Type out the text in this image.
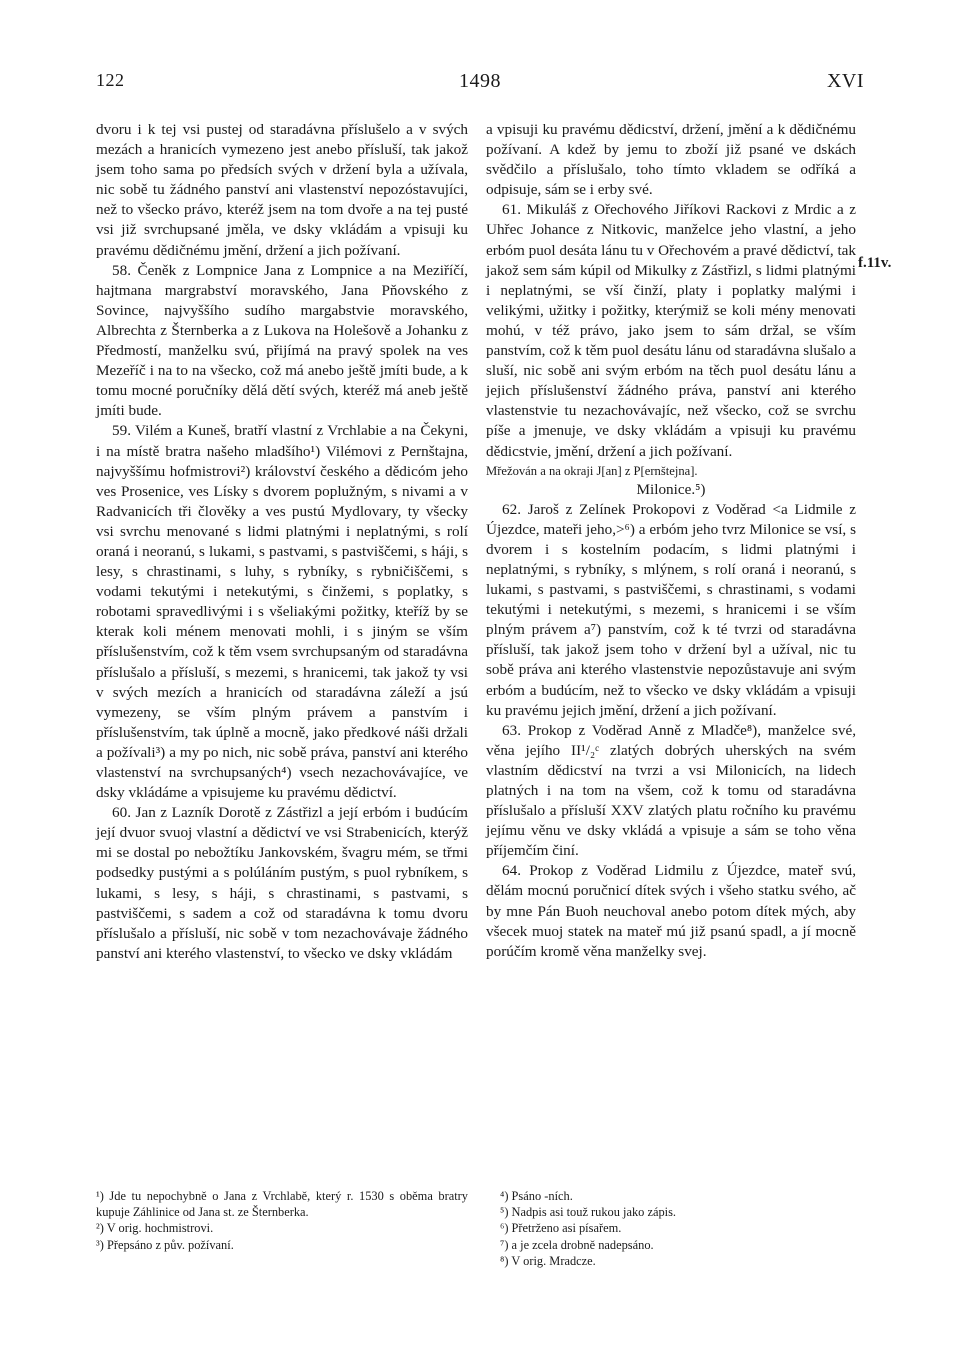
122	1498	XVI
f.11v.

dvoru i k tej vsi pustej od staradávna příslušelo a v svých mezách a hranicích vymezeno jest anebo přísluší, tak jakož jsem toho sama po předsích svých v držení byla a užívala, nic sobě tu žádného panství ani vlastenství nepozóstavujíci, než to všecko právo, kteréž jsem na tom dvoře a na tej pusté vsi již svrchupsané jměla, ve dsky vkládám a vpisuji ku pravému dědičnému jmění, držení a jich požívaní.

58. Čeněk z Lompnice Jana z Lompnice a na Meziříčí, hajtmana margrabství moravského, Jana Pňovského z Sovince, najvyššího sudího margabstvie moravského, Albrechta z Šternberka a z Lukova na Holešově a Johanku z Předmostí, manželku svú, přijímá na pravý spolek na ves Mezeříč i na to na všecko, což má anebo ještě jmíti bude, a k tomu mocné poručníky dělá dětí svých, kteréž má aneb ještě jmíti bude.

59. Vilém a Kuneš, bratří vlastní z Vrchlabie a na Čekyni, i na místě bratra našeho mladšího¹) Vilémovi z Pernštajna, najvyššímu hofmistrovi²) království českého a dědicóm jeho ves Prosenice, ves Lísky s dvorem poplužným, s nivami a v Radvanicích tři člověky a ves pustú Mydlovary, ty všecky vsi svrchu menované s lidmi platnými i neplatnými, s rolí oraná i neoranú, s lukami, s pastvami, s pastviščemi, s háji, s lesy, s chrastinami, s luhy, s rybníky, s rybničiščemi, s vodami tekutými i netekutými, s činžemi, s poplatky, s robotami spravedlivými i s všeliakými požitky, kteříž by se kterak koli ménem menovati mohli, i s jiným se vším příslušenstvím, což k těm vsem svrchupsaným od staradávna příslušalo a přísluší, s mezemi, s hranicemi, tak jakož ty vsi v svých mezích a hranicích od staradávna záleží a jsú vymezeny, se vším plným právem a panstvím i příslušenstvím, tak úplně a mocně, jako předkové náši držali a požívali³) a my po nich, nic sobě práva, panství ani kterého vlastenství na svrchupsaných⁴) vsech nezachovávajíce, ve dsky vkládáme a vpisujeme ku pravému dědictví.

60. Jan z Lazník Dorotě z Zástřizl a její erbóm i budúcím její dvuor svuoj vlastní a dědictví ve vsi Strabenicích, kterýž mi se dostal po nebožtíku Jankovském, švagru mém, se třmi podsedky pustými a s polúláním pustým, s puol rybníkem, s lukami, s lesy, s háji, s chrastinami, s pastvami, s pastviščemi, s sadem a což od staradávna k tomu dvoru příslušalo a přísluší, nic sobě v tom nezachovávaje žádného panství ani kterého vlastenství, to všecko ve dsky vkládám

a vpisuji ku pravému dědicství, držení, jmění a k dědičnému požívaní. A kdež by jemu to zboží již psané ve dskách svědčilo a příslušalo, toho tímto vkladem se odříká a odpisuje, sám se i erby své.

61. Mikuláš z Ořechového Jiříkovi Rackovi z Mrdic a z Uhřec Johance z Nitkovic, manželce jeho vlastní, a jeho erbóm puol desáta lánu tu v Ořechovém a pravé dědictví, tak jakož sem sám kúpil od Mikulky z Zástřizl, s lidmi platnými i neplatnými, se vší činží, platy i poplatky malými i velikými, užitky i požitky, kterýmiž se koli mény menovati mohú, v též právo, jako jsem to sám držal, se vším panstvím, což k těm puol desátu lánu od staradávna slušalo a sluší, nic sobě ani svým erbóm na těch puol desátu lánu a jejich příslušenství žádného práva, panství ani kterého vlastenstvie tu nezachovávajíc, než všecko, což se svrchu píše a jmenuje, ve dsky vkládám a vpisuji ku pravému dědicstvie, jmění, držení a jich požívaní.

Mřežován a na okraji J[an] z P[ernštejna].

Milonice.⁵)

62. Jaroš z Zelínek Prokopovi z Voděrad <a Lidmile z Újezdce, mateři jeho,>⁶) a erbóm jeho tvrz Milonice se vsí, s dvorem i s kostelním podacím, s lidmi platnými i neplatnými, s rybníky, s mlýnem, s rolí oraná i neoranú, s lukami, s pastvami, s pastviščemi, s chrastinami, s vodami tekutými i netekutými, s mezemi, s hranicemi i se vším plným právem a⁷) panstvím, což k té tvrzi od staradávna přísluší, tak jakož jsem toho v držení byl a užíval, nic tu sobě práva ani kterého vlastenstvie nepozůstavuje ani svým erbóm a budúcím, než to všecko ve dsky vkládám a vpisuji ku pravému jejich jmění, držení a jich požívaní.

63. Prokop z Voděrad Anně z Mladče⁸), manželce své, věna jejího II¹/₂ᶜ zlatých dobrých uherských na svém vlastním dědicství na tvrzi a vsi Milonicích, na lidech platných i na tom na všem, což k tomu od staradávna příslušalo a přísluší XXV zlatých platu ročního ku pravému jejímu věnu ve dsky vkládá a vpisuje a sám se toho věna příjemčím činí.

64. Prokop z Voděrad Lidmilu z Újezdce, mateř svú, dělám mocnú poručnicí dítek svých i všeho statku svého, ač by mne Pán Buoh neuchoval anebo potom dítek mých, aby všecek muoj statek na mateř mú již psanú spadl, a jí mocně porúčím kromě věna manželky svej.

¹) Jde tu nepochybně o Jana z Vrchlabě, který r. 1530 s oběma bratry kupuje Záhlinice od Jana st. ze Šternberka.
²) V orig. hochmistrovi.
³) Přepsáno z pův. požívaní.
⁴) Psáno -ních.
⁵) Nadpis asi touž rukou jako zápis.
⁶) Přetrženo asi písařem.
⁷) a je zcela drobně nadepsáno.
⁸) V orig. Mradcze.
